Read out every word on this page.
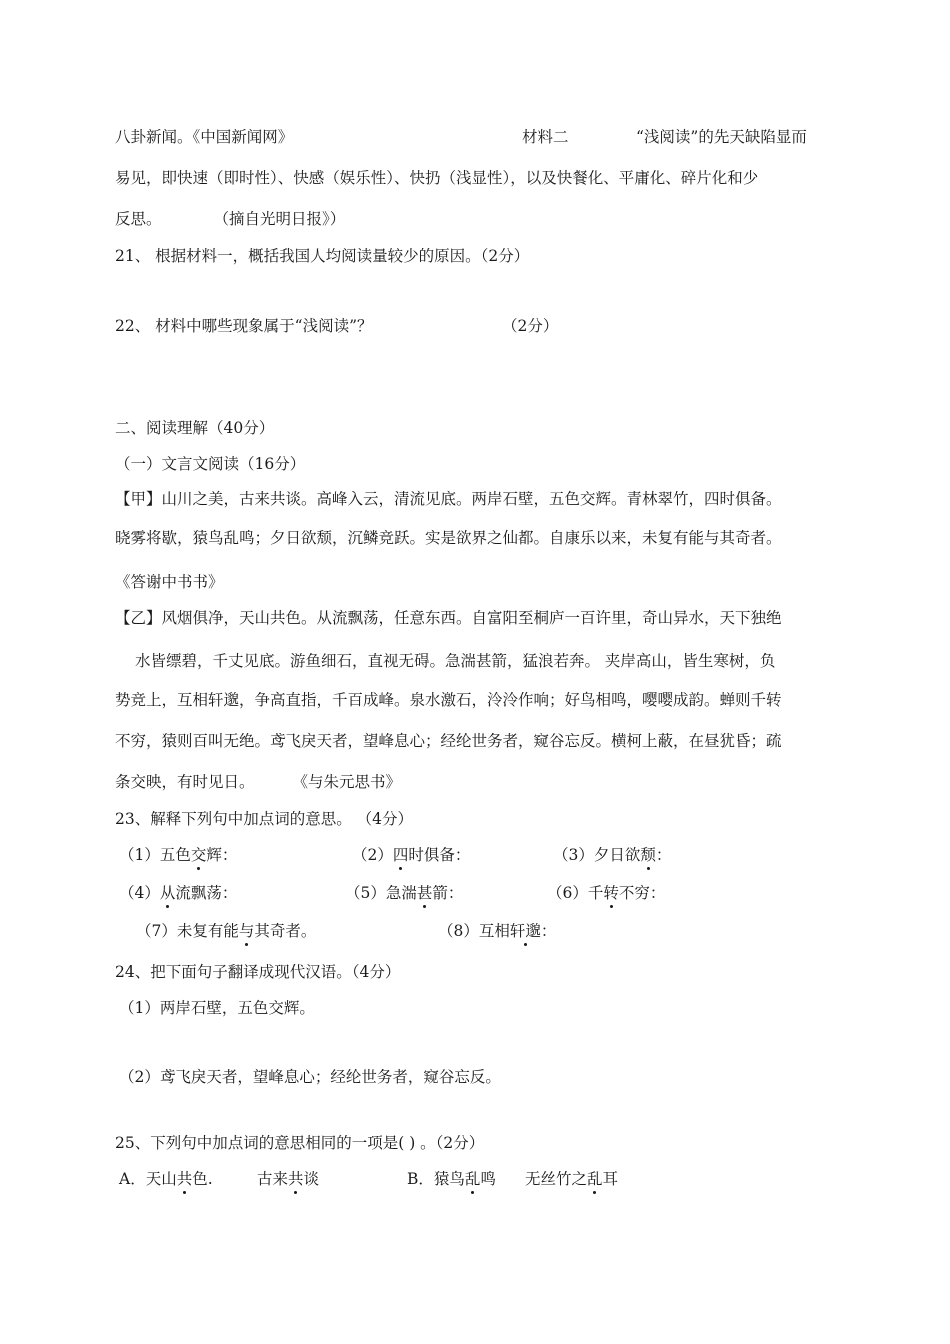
八卦新闻。《中国新闻网》	材料二	“浅阅读”的先天缺陷显而
易见，即快速（即时性）、快感（娱乐性）、快扔（浅显性），以及快餐化、平庸化、碎片化和少
反思。	（摘自光明日报》）
21、 根据材料一，概括我国人均阅读量较少的原因。（2分）
22、 材料中哪些现象属于“浅阅读”？	（2分）
二、阅读理解（40分）
（一）文言文阅读（16分）
【甲】山川之美，古来共谈。高峰入云，清流见底。两岸石壁，五色交辉。青林翠竹，四时俱备。
晓雾将歇，猿鸟乱鸣；夕日欲颓，沉鳞竞跃。实是欲界之仙都。自康乐以来，未复有能与其奇者。
《答谢中书书》
【乙】风烟俱净，天山共色。从流飘荡，任意东西。自富阳至桐庐一百许里，奇山异水，天下独绝
水皆缥碧，千丈见底。游鱼细石，直视无碍。急湍甚箭，猛浪若奔。 夹岸高山，皆生寒树，负
势竞上，互相轩邈，争高直指，千百成峰。泉水激石，泠泠作响；好鸟相鸣，嘤嘤成韵。蝉则千转
不穷，猿则百叫无绝。鸢飞戾天者，望峰息心；经纶世务者，窥谷忘反。横柯上蔽，在昼犹昏；疏
条交映，有时见日。 《与朱元思书》
23、解释下列句中加点词的意思。 （4分）
（1）五色交辉：	（2）四时俱备：	（3）夕日欲颓：
（4）从流飘荡：	（5）急湍甚箭：	（6）千转不穷：
（7）未复有能与其奇者。	（8）互相轩邈：
24、把下面句子翻译成现代汉语。（4分）
（1）两岸石壁，五色交辉。
（2）鸢飞戾天者，望峰息心；经纶世务者，窥谷忘反。
25、下列句中加点词的意思相同的一项是( ) 。（2分）
A．天山共色.	古来共谈	B．猿鸟乱鸣 无丝竹之乱耳
